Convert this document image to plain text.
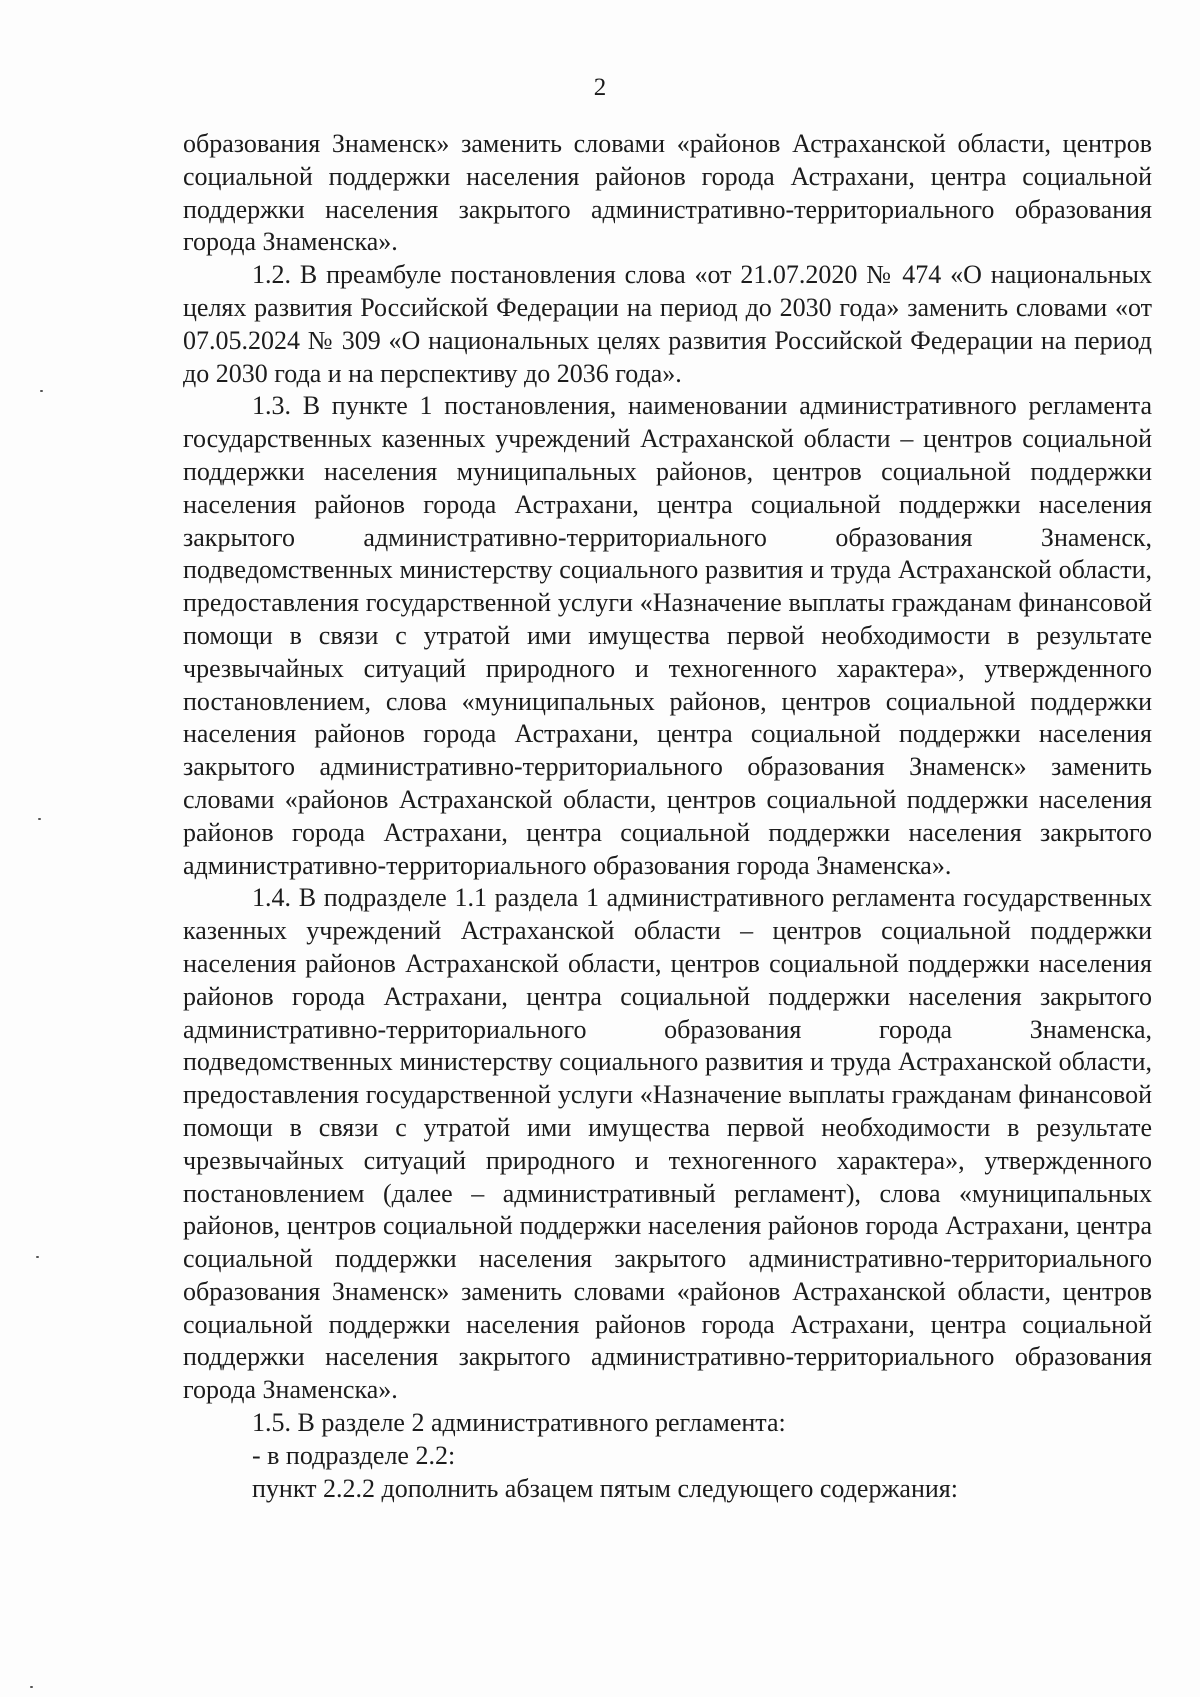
2

образования Знаменск» заменить словами «районов Астраханской области, центров социальной поддержки населения районов города Астрахани, центра социальной поддержки населения закрытого административно-территориального образования города Знаменска».

1.2. В преамбуле постановления слова «от 21.07.2020 № 474 «О национальных целях развития Российской Федерации на период до 2030 года» заменить словами «от 07.05.2024 № 309 «О национальных целях развития Российской Федерации на период до 2030 года и на перспективу до 2036 года».

1.3. В пункте 1 постановления, наименовании административного регламента государственных казенных учреждений Астраханской области – центров социальной поддержки населения муниципальных районов, центров социальной поддержки населения районов города Астрахани, центра социальной поддержки населения закрытого административно-территориального образования Знаменск, подведомственных министерству социального развития и труда Астраханской области, предоставления государственной услуги «Назначение выплаты гражданам финансовой помощи в связи с утратой ими имущества первой необходимости в результате чрезвычайных ситуаций природного и техногенного характера», утвержденного постановлением, слова «муниципальных районов, центров социальной поддержки населения районов города Астрахани, центра социальной поддержки населения закрытого административно-территориального образования Знаменск» заменить словами «районов Астраханской области, центров социальной поддержки населения районов города Астрахани, центра социальной поддержки населения закрытого административно-территориального образования города Знаменска».

1.4. В подразделе 1.1 раздела 1 административного регламента государственных казенных учреждений Астраханской области – центров социальной поддержки населения районов Астраханской области, центров социальной поддержки населения районов города Астрахани, центра социальной поддержки населения закрытого административно-территориального образования города Знаменска, подведомственных министерству социального развития и труда Астраханской области, предоставления государственной услуги «Назначение выплаты гражданам финансовой помощи в связи с утратой ими имущества первой необходимости в результате чрезвычайных ситуаций природного и техногенного характера», утвержденного постановлением (далее – административный регламент), слова «муниципальных районов, центров социальной поддержки населения районов города Астрахани, центра социальной поддержки населения закрытого административно-территориального образования Знаменск» заменить словами «районов Астраханской области, центров социальной поддержки населения районов города Астрахани, центра социальной поддержки населения закрытого административно-территориального образования города Знаменска».

1.5. В разделе 2 административного регламента:

- в подразделе 2.2:

пункт 2.2.2 дополнить абзацем пятым следующего содержания:
